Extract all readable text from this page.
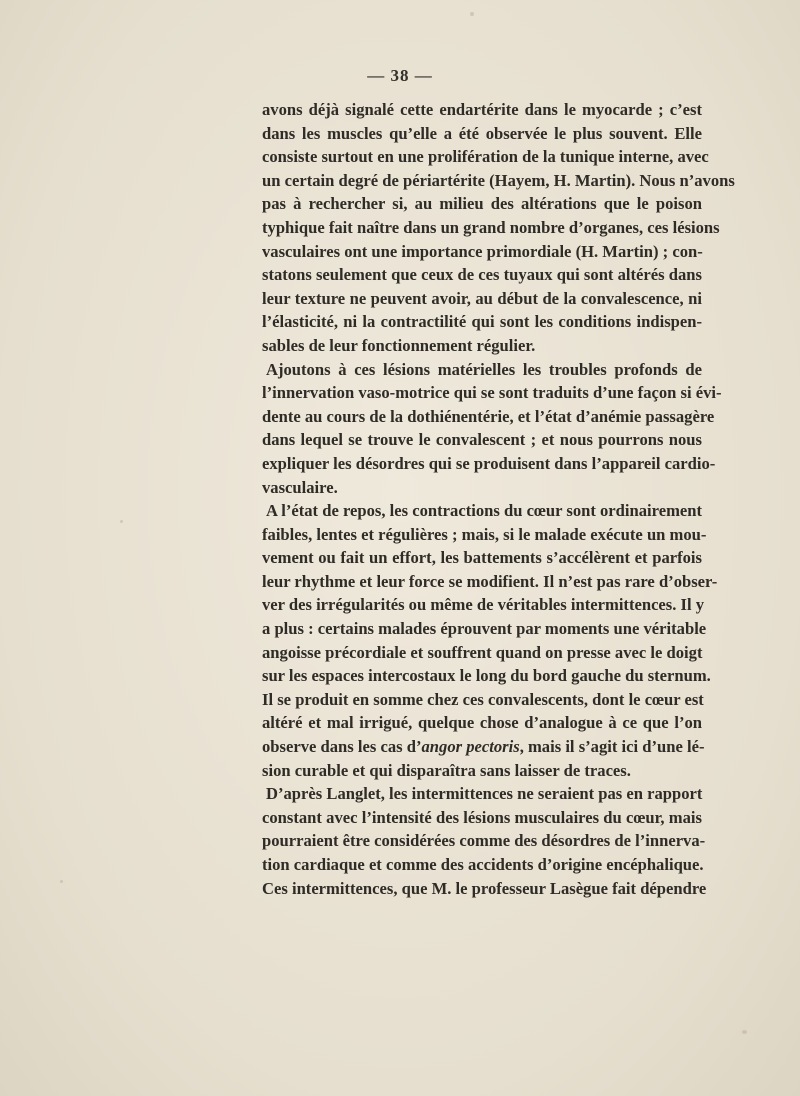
— 38 —
avons déjà signalé cette endartérite dans le myocarde ; c’est
dans les muscles qu’elle a été observée le plus souvent. Elle
consiste surtout en une prolifération de la tunique interne, avec
un certain degré de périartérite (Hayem, H. Martin). Nous n’avons
pas à rechercher si, au milieu des altérations que le poison
typhique fait naître dans un grand nombre d’organes, ces lésions
vasculaires ont une importance primordiale (H. Martin) ; con-
statons seulement que ceux de ces tuyaux qui sont altérés dans
leur texture ne peuvent avoir, au début de la convalescence, ni
l’élasticité, ni la contractilité qui sont les conditions indispen-
sables de leur fonctionnement régulier.
Ajoutons à ces lésions matérielles les troubles profonds de
l’innervation vaso-motrice qui se sont traduits d’une façon si évi-
dente au cours de la dothiénentérie, et l’état d’anémie passagère
dans lequel se trouve le convalescent ; et nous pourrons nous
expliquer les désordres qui se produisent dans l’appareil cardio-
vasculaire.
A l’état de repos, les contractions du cœur sont ordinairement
faibles, lentes et régulières ; mais, si le malade exécute un mou-
vement ou fait un effort, les battements s’accélèrent et parfois
leur rhythme et leur force se modifient. Il n’est pas rare d’obser-
ver des irrégularités ou même de véritables intermittences. Il y
a plus : certains malades éprouvent par moments une véritable
angoisse précordiale et souffrent quand on presse avec le doigt
sur les espaces intercostaux le long du bord gauche du sternum.
Il se produit en somme chez ces convalescents, dont le cœur est
altéré et mal irrigué, quelque chose d’analogue à ce que l’on
observe dans les cas d’angor pectoris, mais il s’agit ici d’une lé-
sion curable et qui disparaîtra sans laisser de traces.
D’après Langlet, les intermittences ne seraient pas en rapport
constant avec l’intensité des lésions musculaires du cœur, mais
pourraient être considérées comme des désordres de l’innerva-
tion cardiaque et comme des accidents d’origine encéphalique.
Ces intermittences, que M. le professeur Lasègue fait dépendre
